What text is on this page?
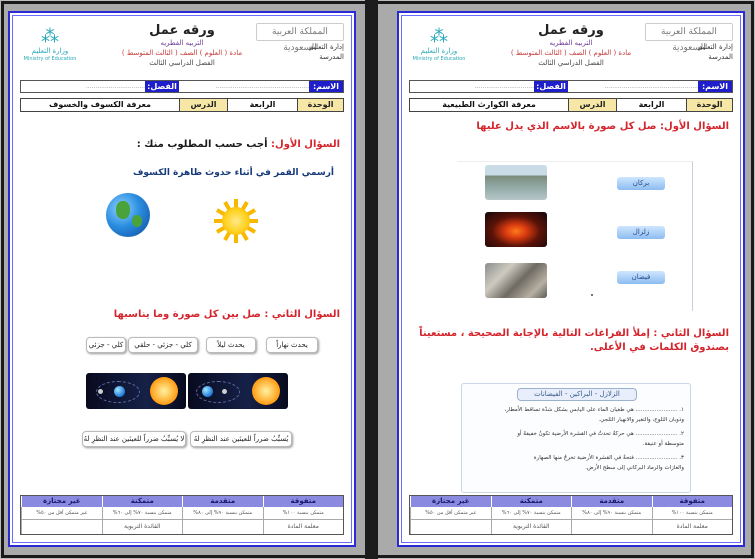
المملكة العربية السعودية
إدارة التعليم
المدرسة
ورقه عمل
التربيه الفطريه
مادة ( العلوم ) الصف ( الثالث المتوسط )
الفصل الدراسي الثالث
⁂
وزارة التعليم
Ministry of Education
الاسم:
.................................................
الفصل:
...............................
الوحدة
الرابعة
الدرس
معرفة الكسوف والخسوف
السؤال الأول: أجب حسب المطلوب منك :
أرسمي القمر في أثناء حدوث ظاهرة الكسوف
السؤال الثاني : صل بين كل صورة وما يناسبها
يحدث نهاراً
يحدث ليلاً
كلي - جزئي - حلقي
كلي - جزئي
يُسبِّبُ ضرراً للعينَين عند النظرِ لهُ
لا يُسبِّبُ ضرراً للعينَين عند النظرِ لهُ
متفوقة
متقدمة
متمكنة
غير مجتازة
متمكن بنسبة ١٠٠%
متمكن بنسبة ٩٠% إلى ٨٠%
متمكن بنسبة ٧٠% إلى ٦٠%
غير متمكن أقل من ٥٠%
معلمة المادة
القائدة التربوية
المملكة العربية السعودية
إدارة التعليم
المدرسة
ورقه عمل
التربيه الفطريه
مادة ( العلوم ) الصف ( الثالث المتوسط )
الفصل الدراسي الثالث
⁂
وزارة التعليم
Ministry of Education
الاسم:
.................................................
الفصل:
...............................
الوحدة
الرابعة
الدرس
معرفة الكوارث الطبيعية
السؤال الأول: صل كل صورة بالاسم الذي يدل عليها
بركان
زلزال
فيضان
السؤال الثاني : إملأ الفراغات التالية بالإجابة الصحيحة ، مستعيناً بصندوق الكلمات في الأعلى.
الزلازل - البراكين - الفيضانات
١. ........................ هي طغيان الماء على اليابس بشكل شدّة تساقط الأمطار،
وذوبان الثلوج، والتغير والانهيار الثلجي.
٢. ........................ هي حركةٌ تحدثُ في القشرة الأرضية تكونُ خفيفةً أو
متوسطة أو عنيفة.
٣. ........................ فتحةٌ في القشرة الأرضية تخرجُ منها الصهارة
والغازات والرماد البركاني إلى سطح الأرض.
متفوقة
متقدمة
متمكنة
غير مجتازة
متمكن بنسبة ١٠٠%
متمكن بنسبة ٩٠% إلى ٨٠%
متمكن بنسبة ٧٠% إلى ٦٠%
غير متمكن أقل من ٥٠%
معلمة المادة
القائدة التربوية
